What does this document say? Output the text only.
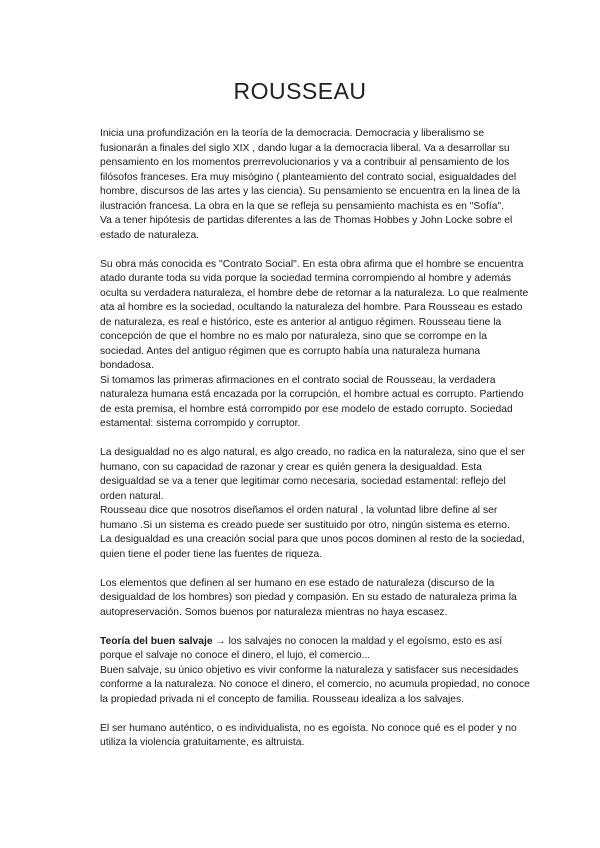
ROUSSEAU

Inicia una profundización en la teoría de la democracia. Democracia y liberalismo se fusionarán a finales del siglo XIX , dando lugar a la democracia liberal. Va a desarrollar su pensamiento en los momentos prerrevolucionarios y va a contribuir al pensamiento de los filósofos franceses. Era muy misógino ( planteamiento del contrato social, esigualdades del hombre, discursos de las artes y las ciencia). Su pensamiento se encuentra en la linea de la ilustración francesa. La obra en la que se refleja su pensamiento machista es en "Sofía".
Va a tener hipótesis de partidas diferentes a las de Thomas Hobbes y John Locke sobre el estado de naturaleza.

Su obra más conocida es "Contrato Social". En esta obra afirma que el hombre se encuentra atado durante toda su vida porque la sociedad termina corrompiendo al hombre y además oculta su verdadera naturaleza, el hombre debe de retornar a la naturaleza. Lo que realmente ata al hombre es la sociedad, ocultando la naturaleza del hombre. Para Rousseau es estado de naturaleza, es real e histórico, este es anterior al antiguo régimen. Rousseau tiene la concepción de que el hombre no es malo por naturaleza, sino que se corrompe en la sociedad. Antes del antiguo régimen que es corrupto había una naturaleza humana bondadosa.
Si tomamos las primeras afirmaciones en el contrato social de Rousseau, la verdadera naturaleza humana está encazada por la corrupción, el hombre actual es corrupto. Partiendo de esta premisa, el hombre está corrompido por ese modelo de estado corrupto. Sociedad estamental: sistema corrompido y corruptor.

La desigualdad no es algo natural, es algo creado, no radica en la naturaleza, sino que el ser humano, con su capacidad de razonar y crear es quién genera la desigualdad. Esta desigualdad se va a tener que legitimar como necesaria, sociedad estamental: reflejo del orden natural.
Rousseau dice que nosotros diseñamos el orden natural , la voluntad libre define al ser humano .Si un sistema es creado puede ser sustituido por otro, ningún sistema es eterno.
La desigualdad es una creación social para que unos pocos dominen al resto de la sociedad, quien tiene el poder tiene las fuentes de riqueza.

Los elementos que definen al ser humano en ese estado de naturaleza (discurso de la desigualdad de los hombres) son piedad y compasión. En su estado de naturaleza prima la autopreservación. Somos buenos por naturaleza mientras no haya escasez.

Teoría del buen salvaje → los salvajes no conocen la maldad y el egoísmo, esto es así porque el salvaje no conoce el dinero, el lujo, el comercio...
Buen salvaje, su único objetivo es vivir conforme la naturaleza y satisfacer sus necesidades conforme a la naturaleza. No conoce el dinero, el comercio, no acumula propiedad, no conoce la propiedad privada ni el concepto de familia. Rousseau idealiza a los salvajes.

El ser humano auténtico, o es individualista, no es egoísta. No conoce qué es el poder y no utiliza la violencia gratuitamente, es altruista.
